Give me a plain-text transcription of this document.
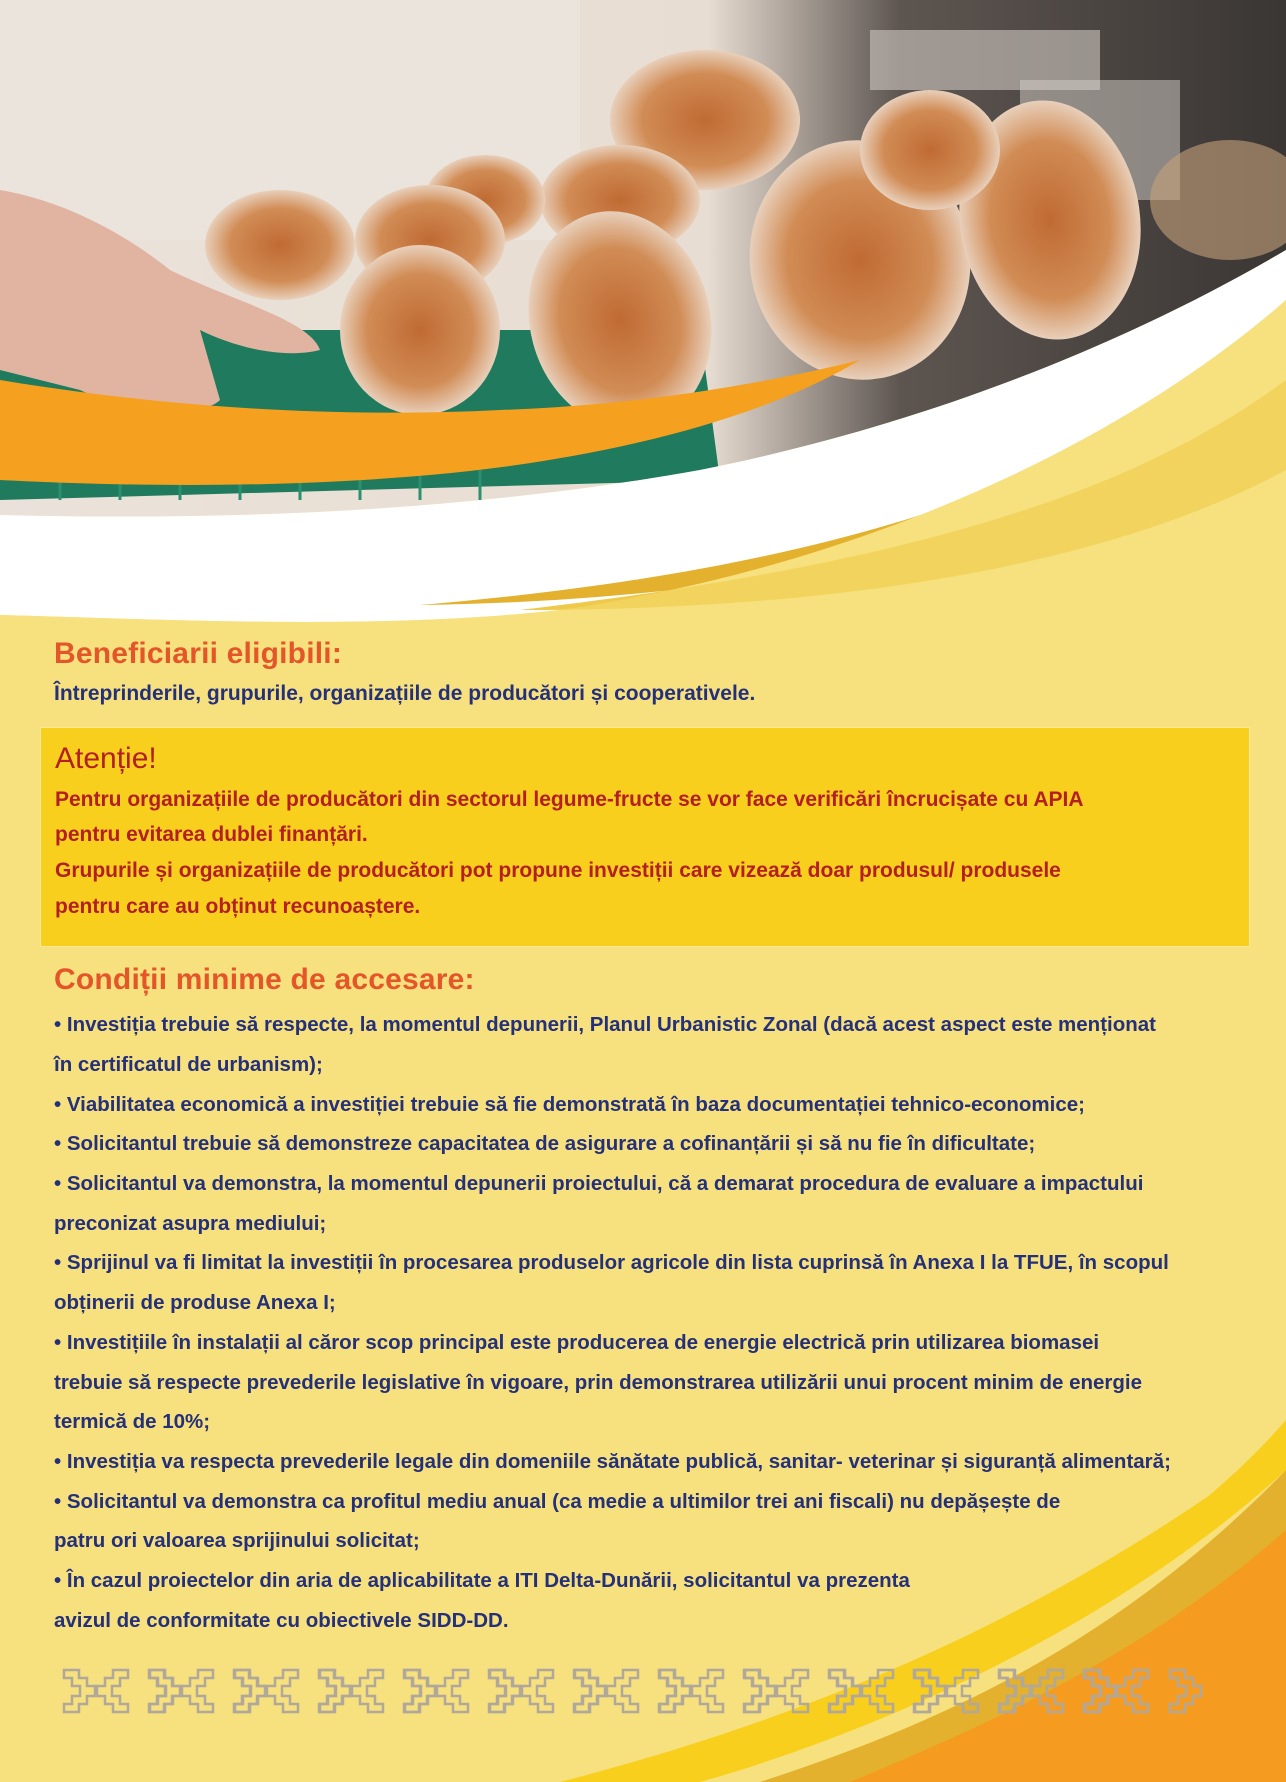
Beneficiarii eligibili:
Întreprinderile, grupurile, organizațiile de producători și cooperativele.
Atenție!
Pentru organizațiile de producători din sectorul legume-fructe se vor face verificări încrucișate cu APIA
pentru evitarea dublei finanțări.
Grupurile și organizațiile de producători pot propune investiții care vizează doar produsul/ produsele
pentru care au obținut recunoaștere.
Condiții minime de accesare:
• Investiția trebuie să respecte, la momentul depunerii, Planul Urbanistic Zonal (dacă acest aspect este menționat
în certificatul de urbanism);
• Viabilitatea economică a investiției trebuie să fie demonstrată în baza documentației tehnico-economice;
• Solicitantul trebuie să demonstreze capacitatea de asigurare a cofinanțării și să nu fie în dificultate;
• Solicitantul va demonstra, la momentul depunerii proiectului, că a demarat procedura de evaluare a impactului
preconizat asupra mediului;
• Sprijinul va fi limitat la investiții în procesarea produselor agricole din lista cuprinsă în Anexa I la TFUE, în scopul
obținerii de produse Anexa I;
• Investițiile în instalații al căror scop principal este producerea de energie electrică prin utilizarea biomasei
trebuie să respecte prevederile legislative în vigoare, prin demonstrarea utilizării unui procent minim de energie
termică de 10%;
• Investiția va respecta prevederile legale din domeniile sănătate publică, sanitar- veterinar și siguranță alimentară;
• Solicitantul va demonstra ca profitul mediu anual (ca medie a ultimilor trei ani fiscali) nu depășește de
patru ori valoarea sprijinului solicitat;
• În cazul proiectelor din aria de aplicabilitate a ITI Delta-Dunării, solicitantul va prezenta
avizul de conformitate cu obiectivele SIDD-DD.
